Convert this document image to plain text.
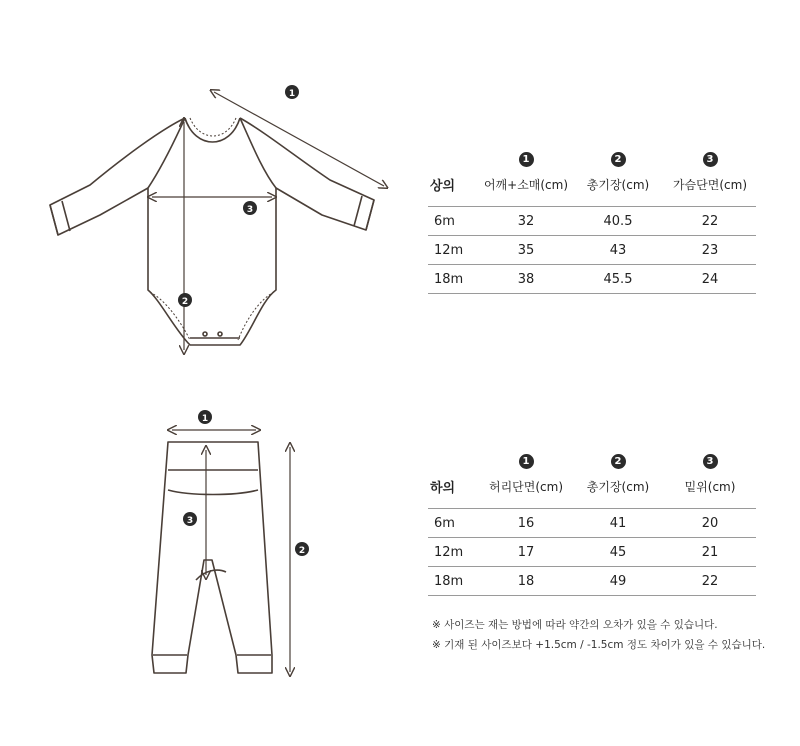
1
3
2
1
3
2
1	2	3
상의	어깨+소매(cm)	총기장(cm)	가슴단면(cm)
6m	32	40.5	22
12m	35	43	23
18m	38	45.5	24
1	2	3
하의	허리단면(cm)	총기장(cm)	밑위(cm)
6m	16	41	20
12m	17	45	21
18m	18	49	22
※ 사이즈는 재는 방법에 따라 약간의 오차가 있을 수 있습니다.
※ 기재 된 사이즈보다 +1.5cm / -1.5cm 정도 차이가 있을 수 있습니다.
